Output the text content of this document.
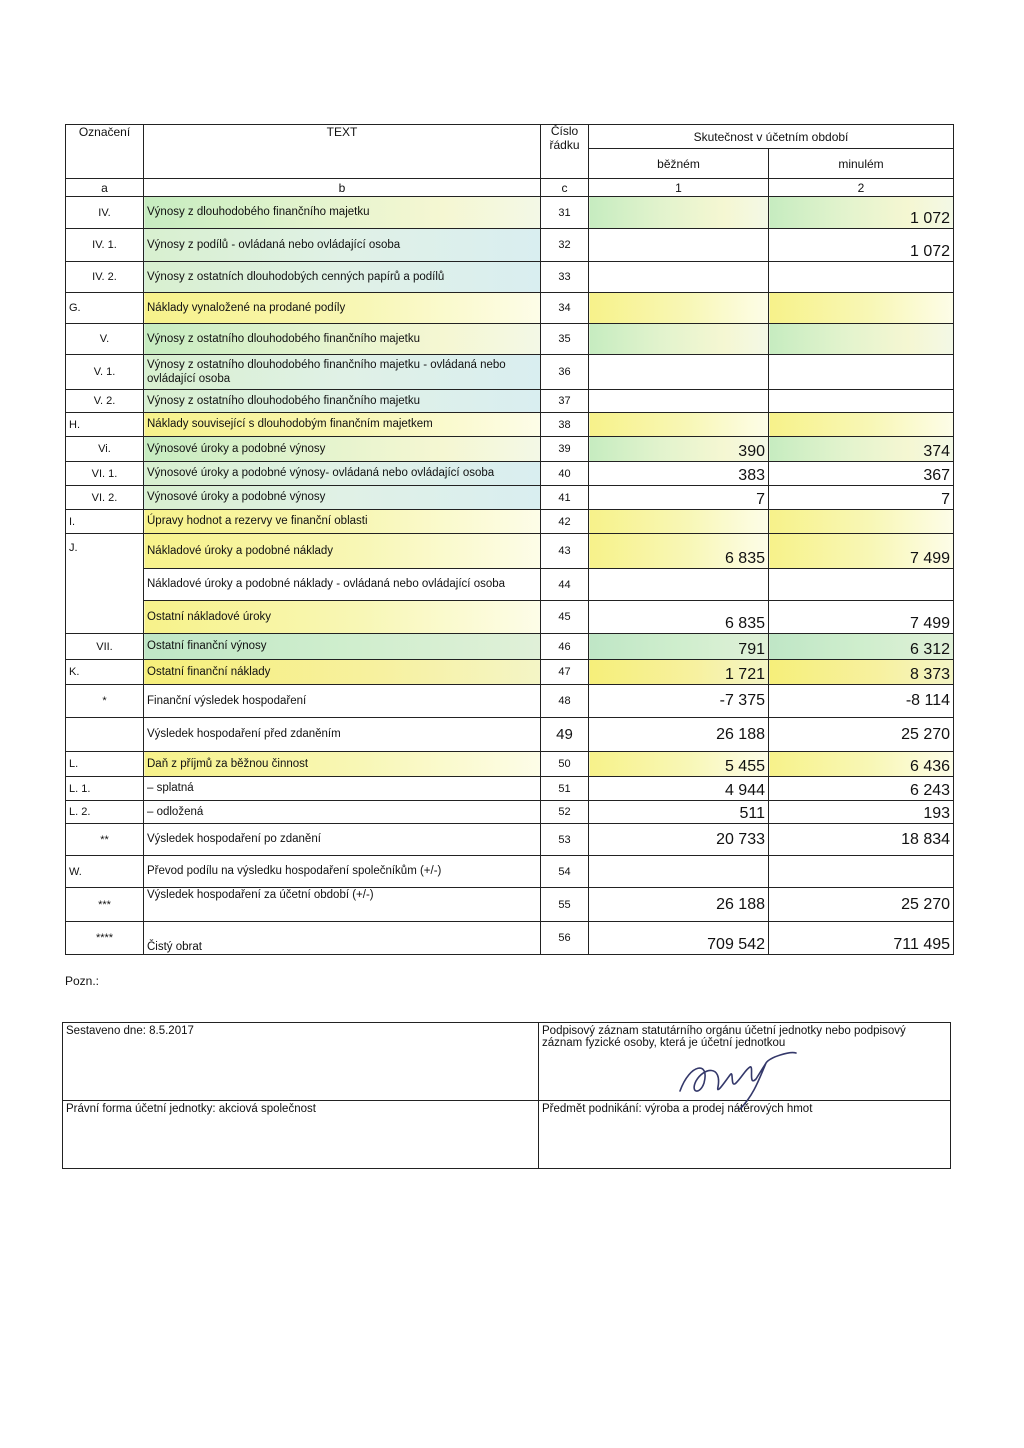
Označení	TEXT	Číslo řádku	Skutečnost v účetním období	
			běžném	minulém
a	b	c	1	2
IV.	Výnosy z dlouhodobého finančního majetku	31		1 072
IV. 1.	Výnosy z podílů - ovládaná nebo ovládající osoba	32		1 072
IV. 2.	Výnosy z ostatních dlouhodobých cenných papírů a podílů	33		
G.	Náklady vynaložené na prodané podíly	34		
V.	Výnosy z ostatního dlouhodobého finančního majetku	35		
V. 1.	Výnosy z ostatního dlouhodobého finančního majetku - ovládaná nebo ovládající osoba	36		
V. 2.	Výnosy z ostatního dlouhodobého finančního majetku	37		
H.	Náklady související s dlouhodobým finančním majetkem	38		
Vi.	Výnosové úroky a podobné výnosy	39	390	374
VI. 1.	Výnosové úroky a podobné výnosy- ovládaná nebo ovládající osoba	40	383	367
VI. 2.	Výnosové úroky a podobné výnosy	41	7	7
I.	Úpravy hodnot a rezervy ve finanční oblasti	42		
J.	Nákladové úroky a podobné náklady	43	6 835	7 499
	Nákladové úroky a podobné náklady - ovládaná nebo ovládající osoba	44		
	Ostatní nákladové úroky	45	6 835	7 499
VII.	Ostatní finanční výnosy	46	791	6 312
K.	Ostatní finanční náklady	47	1 721	8 373
*	Finanční výsledek hospodaření	48	-7 375	-8 114
	Výsledek hospodaření před zdaněním	49	26 188	25 270
L.	Daň z příjmů za běžnou činnost	50	5 455	6 436
L. 1.	– splatná	51	4 944	6 243
L. 2.	– odložená	52	511	193
**	Výsledek hospodaření po zdanění	53	20 733	18 834
W.	Převod podílu na výsledku hospodaření společníkům (+/-)	54		
***	Výsledek hospodaření za účetní období (+/-)	55	26 188	25 270
****	Čistý obrat	56	709 542	711 495
Pozn.:
Sestaveno dne: 8.5.2017	Podpisový záznam statutárního orgánu účetní jednotky nebo podpisový záznam fyzické osoby, která je účetní jednotkou
Právní forma účetní jednotky: akciová společnost	Předmět podnikání: výroba a prodej nátěrových hmot
